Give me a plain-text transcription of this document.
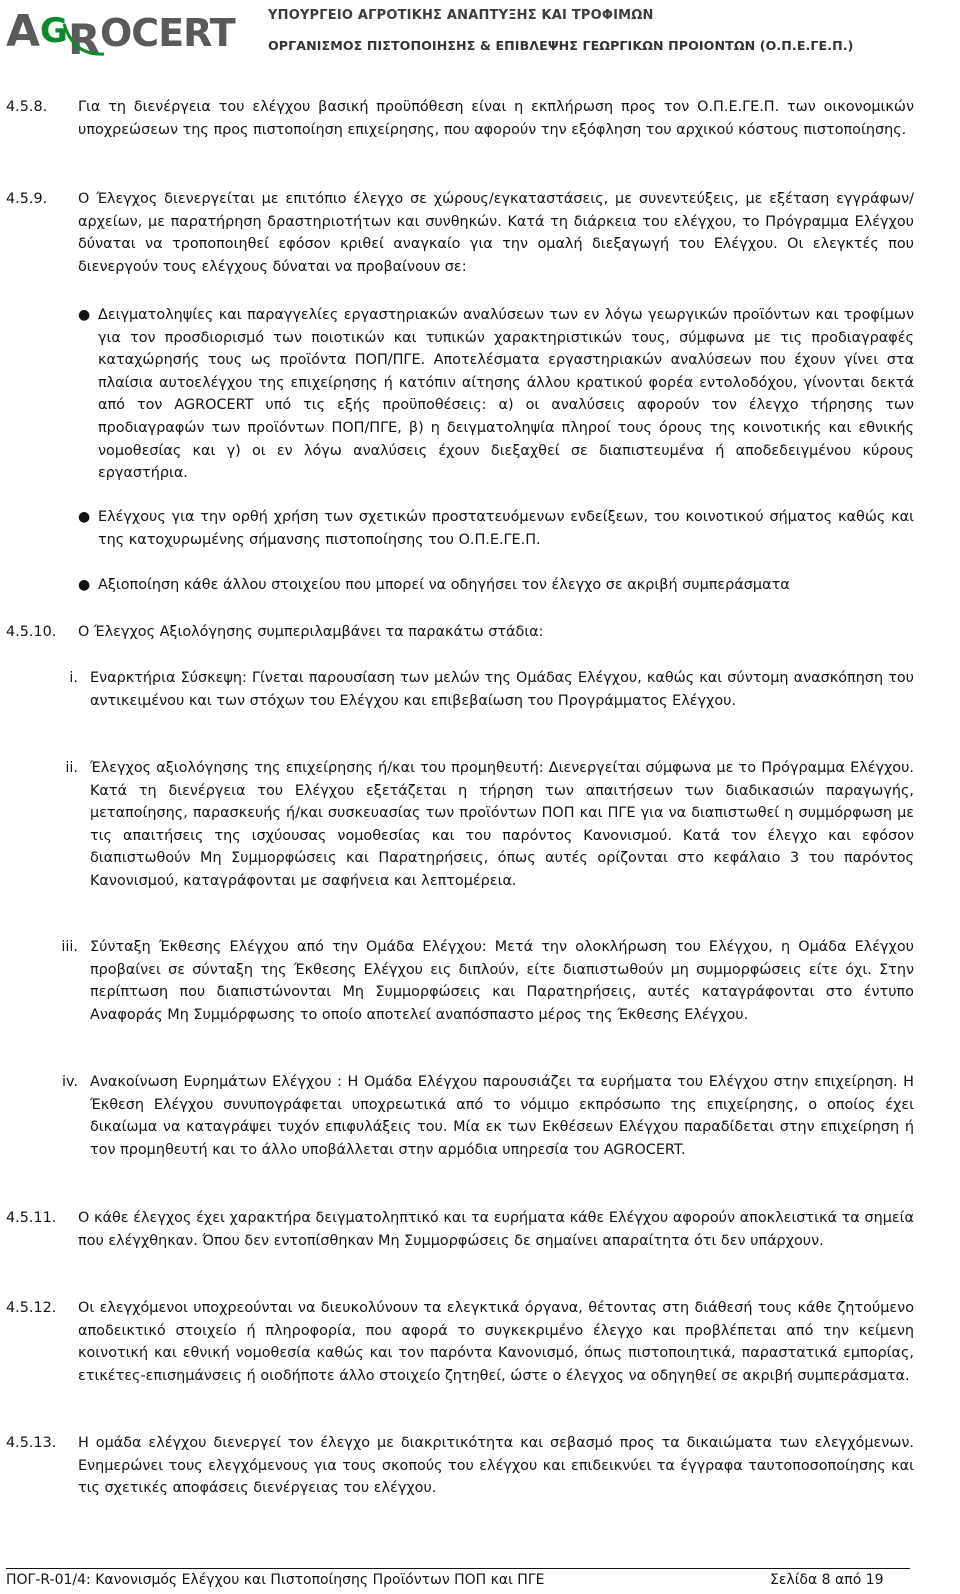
A G R OCERT	ΥΠΟΥΡΓΕΙΟ ΑΓΡΟΤΙΚΗΣ ΑΝΑΠΤΥΞΗΣ ΚΑΙ ΤΡΟΦΙΜΩΝ
ΟΡΓΑΝΙΣΜΟΣ ΠΙΣΤΟΠΟΙΗΣΗΣ & ΕΠΙΒΛΕΨΗΣ ΓΕΩΡΓΙΚΩΝ ΠΡΟΙΟΝΤΩΝ (Ο.Π.Ε.ΓΕ.Π.)
4.5.8. Για τη διενέργεια του ελέγχου βασική προϋπόθεση είναι η εκπλήρωση προς τον Ο.Π.Ε.ΓΕ.Π. των οικονομικών υποχρεώσεων της προς πιστοποίηση επιχείρησης, που αφορούν την εξόφληση του αρχικού κόστους πιστοποίησης.
4.5.9. Ο Έλεγχος διενεργείται με επιτόπιο έλεγχο σε χώρους/εγκαταστάσεις, με συνεντεύξεις, με εξέταση εγγράφων/αρχείων, με παρατήρηση δραστηριοτήτων και συνθηκών. Κατά τη διάρκεια του ελέγχου, το Πρόγραμμα Ελέγχου δύναται να τροποποιηθεί εφόσον κριθεί αναγκαίο για την ομαλή διεξαγωγή του Ελέγχου. Οι ελεγκτές που διενεργούν τους ελέγχους δύναται να προβαίνουν σε:
● Δειγματοληψίες και παραγγελίες εργαστηριακών αναλύσεων των εν λόγω γεωργικών προϊόντων και τροφίμων για τον προσδιορισμό των ποιοτικών και τυπικών χαρακτηριστικών τους, σύμφωνα με τις προδιαγραφές καταχώρησής τους ως προϊόντα ΠΟΠ/ΠΓΕ. Αποτελέσματα εργαστηριακών αναλύσεων που έχουν γίνει στα πλαίσια αυτοελέγχου της επιχείρησης ή κατόπιν αίτησης άλλου κρατικού φορέα εντολοδόχου, γίνονται δεκτά από τον AGROCERT υπό τις εξής προϋποθέσεις: α) οι αναλύσεις αφορούν τον έλεγχο τήρησης των προδιαγραφών των προϊόντων ΠΟΠ/ΠΓΕ, β) η δειγματοληψία πληροί τους όρους της κοινοτικής και εθνικής νομοθεσίας και γ) οι εν λόγω αναλύσεις έχουν διεξαχθεί σε διαπιστευμένα ή αποδεδειγμένου κύρους εργαστήρια.
● Ελέγχους για την ορθή χρήση των σχετικών προστατευόμενων ενδείξεων, του κοινοτικού σήματος καθώς και της κατοχυρωμένης σήμανσης πιστοποίησης του Ο.Π.Ε.ΓΕ.Π.
● Αξιοποίηση κάθε άλλου στοιχείου που μπορεί να οδηγήσει τον έλεγχο σε ακριβή συμπεράσματα
4.5.10. Ο Έλεγχος Αξιολόγησης συμπεριλαμβάνει τα παρακάτω στάδια:
i. Εναρκτήρια Σύσκεψη: Γίνεται παρουσίαση των μελών της Ομάδας Ελέγχου, καθώς και σύντομη ανασκόπηση του αντικειμένου και των στόχων του Ελέγχου και επιβεβαίωση του Προγράμματος Ελέγχου.
ii. Έλεγχος αξιολόγησης της επιχείρησης ή/και του προμηθευτή: Διενεργείται σύμφωνα με το Πρόγραμμα Ελέγχου. Κατά τη διενέργεια του Ελέγχου εξετάζεται η τήρηση των απαιτήσεων των διαδικασιών παραγωγής, μεταποίησης, παρασκευής ή/και συσκευασίας των προϊόντων ΠΟΠ και ΠΓΕ για να διαπιστωθεί η συμμόρφωση με τις απαιτήσεις της ισχύουσας νομοθεσίας και του παρόντος Κανονισμού. Κατά τον έλεγχο και εφόσον διαπιστωθούν Μη Συμμορφώσεις και Παρατηρήσεις, όπως αυτές ορίζονται στο κεφάλαιο 3 του παρόντος Κανονισμού, καταγράφονται με σαφήνεια και λεπτομέρεια.
iii. Σύνταξη Έκθεσης Ελέγχου από την Ομάδα Ελέγχου: Μετά την ολοκλήρωση του Ελέγχου, η Ομάδα Ελέγχου προβαίνει σε σύνταξη της Έκθεσης Ελέγχου εις διπλούν, είτε διαπιστωθούν μη συμμορφώσεις είτε όχι. Στην περίπτωση που διαπιστώνονται Μη Συμμορφώσεις και Παρατηρήσεις, αυτές καταγράφονται στο έντυπο Αναφοράς Μη Συμμόρφωσης το οποίο αποτελεί αναπόσπαστο μέρος της Έκθεσης Ελέγχου.
iv. Ανακοίνωση Ευρημάτων Ελέγχου : Η Ομάδα Ελέγχου παρουσιάζει τα ευρήματα του Ελέγχου στην επιχείρηση. Η Έκθεση Ελέγχου συνυπογράφεται υποχρεωτικά από το νόμιμο εκπρόσωπο της επιχείρησης, ο οποίος έχει δικαίωμα να καταγράψει τυχόν επιφυλάξεις του. Μία εκ των Εκθέσεων Ελέγχου παραδίδεται στην επιχείρηση ή τον προμηθευτή και το άλλο υποβάλλεται στην αρμόδια υπηρεσία του AGROCERT.
4.5.11. Ο κάθε έλεγχος έχει χαρακτήρα δειγματοληπτικό και τα ευρήματα κάθε Ελέγχου αφορούν αποκλειστικά τα σημεία που ελέγχθηκαν. Όπου δεν εντοπίσθηκαν Μη Συμμορφώσεις δε σημαίνει απαραίτητα ότι δεν υπάρχουν.
4.5.12. Οι ελεγχόμενοι υποχρεούνται να διευκολύνουν τα ελεγκτικά όργανα, θέτοντας στη διάθεσή τους κάθε ζητούμενο αποδεικτικό στοιχείο ή πληροφορία, που αφορά το συγκεκριμένο έλεγχο και προβλέπεται από την κείμενη κοινοτική και εθνική νομοθεσία καθώς και τον παρόντα Κανονισμό, όπως πιστοποιητικά, παραστατικά εμπορίας, ετικέτες-επισημάνσεις ή οιοδήποτε άλλο στοιχείο ζητηθεί, ώστε ο έλεγχος να οδηγηθεί σε ακριβή συμπεράσματα.
4.5.13. Η ομάδα ελέγχου διενεργεί τον έλεγχο με διακριτικότητα και σεβασμό προς τα δικαιώματα των ελεγχόμενων. Ενημερώνει τους ελεγχόμενους για τους σκοπούς του ελέγχου και επιδεικνύει τα έγγραφα ταυτοποσοποίησης και τις σχετικές αποφάσεις διενέργειας του ελέγχου.
ΠΟΓ-R-01/4: Κανονισμός Ελέγχου και Πιστοποίησης Προϊόντων ΠΟΠ και ΠΓΕ	Σελίδα 8 από 19
